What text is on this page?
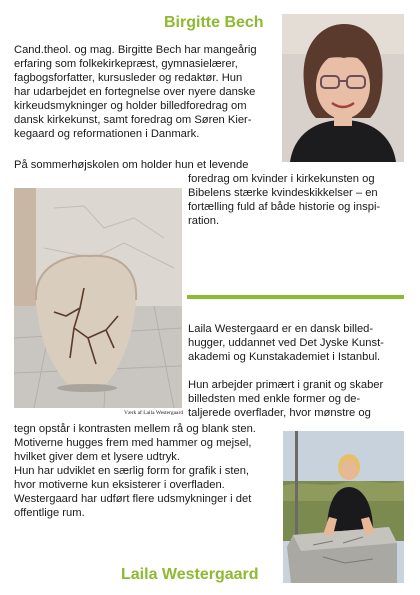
Birgitte Bech

Cand.theol. og mag. Birgitte Bech har mangeårig

erfaring som folkekirkepræst, gymnasielærer,

fagbogsforfatter, kursusleder og redaktør. Hun

har udarbejdet en fortegnelse over nyere danske

kirkeudsmykninger og holder billedforedrag om

dansk kirkekunst, samt foredrag om Søren Kier-

kegaard og reformationen i Danmark.

På sommerhøjskolen om holder hun et levende

foredrag om kvinder i kirkekunsten og

Bibelens stærke kvindeskikkelser – en

fortælling fuld af både historie og inspi-

ration.

Værk af Laila Westergaard

Laila Westergaard er en dansk billed-

hugger, uddannet ved Det Jyske Kunst-

akademi og Kunstakademiet i Istanbul.

Hun arbejder primært i granit og skaber

billedsten med enkle former og de-

taljerede overflader, hvor mønstre og

tegn opstår i kontrasten mellem rå og blank sten.

Motiverne hugges frem med hammer og mejsel,

hvilket giver dem et lysere udtryk.

Hun har udviklet en særlig form for grafik i sten,

hvor motiverne kun eksisterer i overfladen.

Westergaard har udført flere udsmykninger i det

offentlige rum.

Laila Westergaard
